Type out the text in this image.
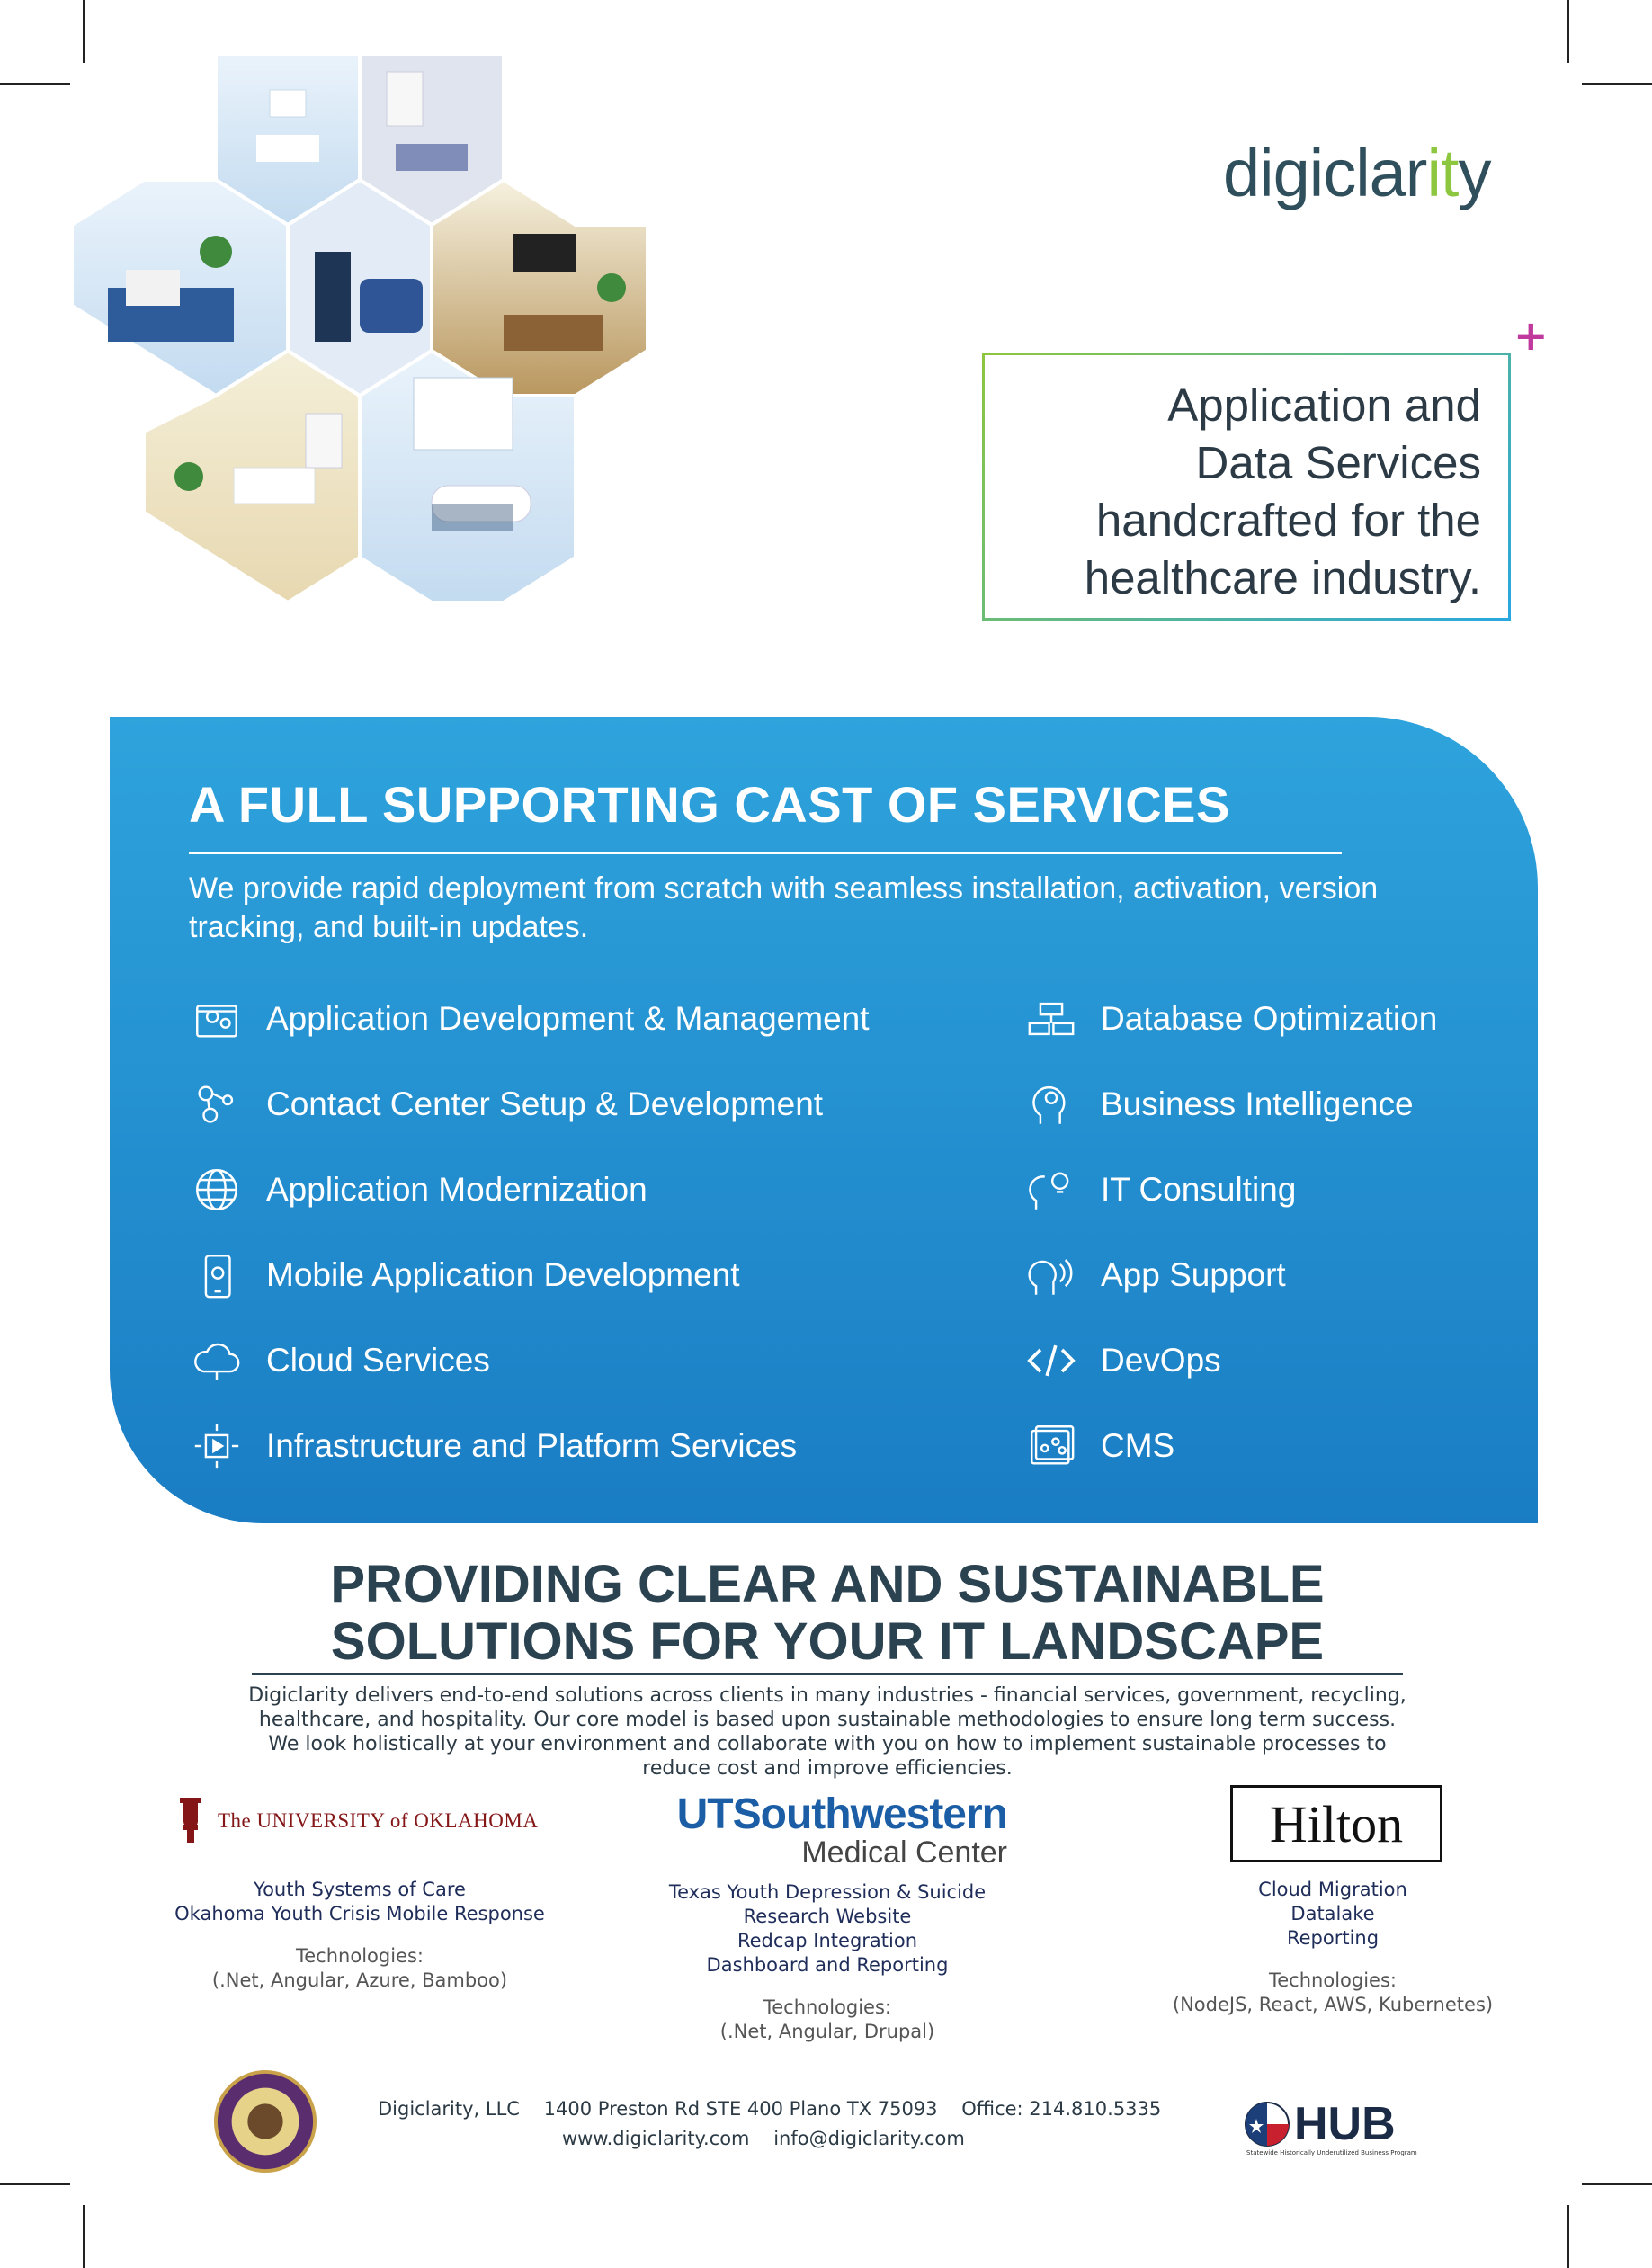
digiclarity
+
Application and
Data Services
handcrafted for the
healthcare industry.
A FULL SUPPORTING CAST OF SERVICES
We provide rapid deployment from scratch with seamless installation, activation, version tracking, and built-in updates.
Application Development & Management
Contact Center Setup & Development
Application Modernization
Mobile Application Development
Cloud Services
Infrastructure and Platform Services
Database Optimization
Business Intelligence
IT Consulting
App Support
DevOps
CMS
PROVIDING CLEAR AND SUSTAINABLE
SOLUTIONS FOR YOUR IT LANDSCAPE
Digiclarity delivers end-to-end solutions across clients in many industries - financial services, government, recycling, healthcare, and hospitality. Our core model is based upon sustainable methodologies to ensure long term success. We look holistically at your environment and collaborate with you on how to implement sustainable processes to reduce cost and improve efficiencies.
The UNIVERSITY of OKLAHOMA	UTSouthwestern
Medical Center	Hilton
Youth Systems of Care
Okahoma Youth Crisis Mobile Response
Technologies:
(.Net, Angular, Azure, Bamboo)
Texas Youth Depression & Suicide
Research Website
Redcap Integration
Dashboard and Reporting
Technologies:
(.Net, Angular, Drupal)
Cloud Migration
Datalake
Reporting
Technologies:
(NodeJS, React, AWS, Kubernetes)
Digiclarity, LLC 1400 Preston Rd STE 400 Plano TX 75093 Office: 214.810.5335
www.digiclarity.com info@digiclarity.com	HUB
Statewide Historically Underutilized Business Program
